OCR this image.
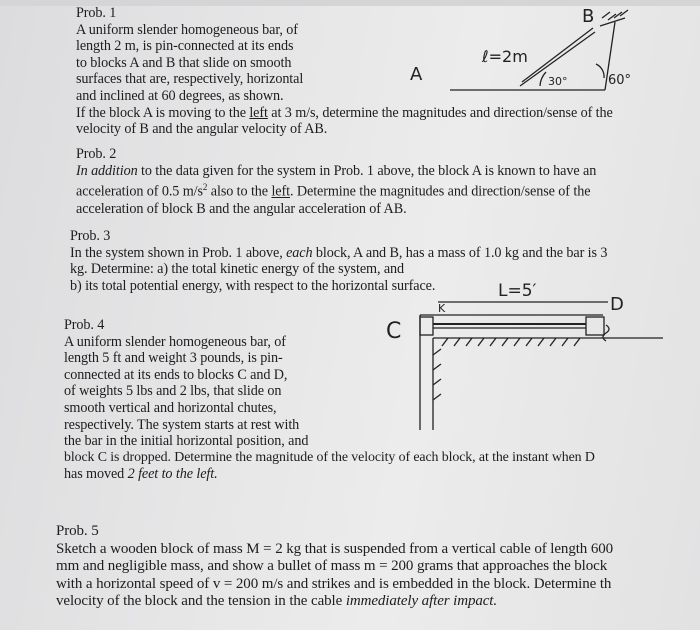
Prob. 1
A uniform slender homogeneous bar, of
length 2 m, is pin-connected at its ends
to blocks A and B that slide on smooth
surfaces that are, respectively, horizontal
and inclined at 60 degrees, as shown.
If the block A is moving to the left at 3 m/s, determine the magnitudes and direction/sense of the
velocity of B and the angular velocity of AB.
A
B
ℓ=2m
30°	60°
Prob. 2
In addition to the data given for the system in Prob. 1 above, the block A is known to have an
acceleration of 0.5 $m/s^2$ also to the left. Determine the magnitudes and direction/sense of the
acceleration of block B and the angular acceleration of AB.
Prob. 3
In the system shown in Prob. 1 above, each block, A and B, has a mass of 1.0 kg and the bar is 3
kg. Determine: a) the total kinetic energy of the system, and
b) its total potential energy, with respect to the horizontal surface.
C
D
L=5′
K
Prob. 4
A uniform slender homogeneous bar, of
length 5 ft and weight 3 pounds, is pin-
connected at its ends to blocks C and D,
of weights 5 lbs and 2 lbs, that slide on
smooth vertical and horizontal chutes,
respectively. The system starts at rest with
the bar in the initial horizontal position, and
block C is dropped. Determine the magnitude of the velocity of each block, at the instant when D
has moved 2 feet to the left.
Prob. 5
Sketch a wooden block of mass M = 2 kg that is suspended from a vertical cable of length 600
mm and negligible mass, and show a bullet of mass m = 200 grams that approaches the block
with a horizontal speed of v = 200 m/s and strikes and is embedded in the block. Determine th
velocity of the block and the tension in the cable immediately after impact.
